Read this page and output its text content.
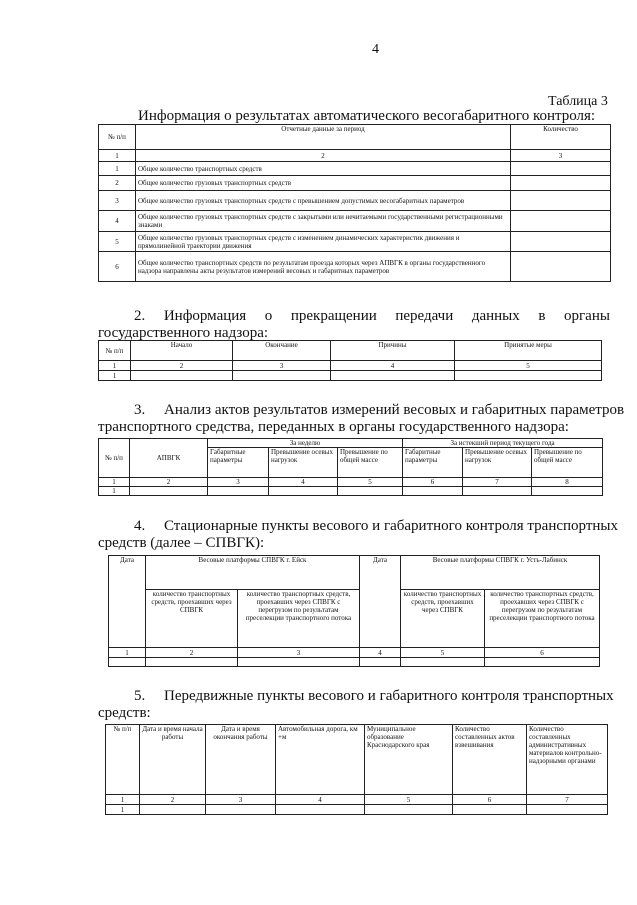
4
Таблица 3
Информация о результатах автоматического весогабаритного контроля:
№ п/п	Отчетные данные за период	Количество
1	2	3
1	Общее количество транспортных средств	
2	Общее количество грузовых транспортных средств	
3	Общее количество грузовых транспортных средств с превышением допустимых весогабаритных параметров	
4	Общее количество грузовых транспортных средств с закрытыми или нечитаемыми государственными регистрационными знаками	
5	Общее количество грузовых транспортных средств с изменением динамических характеристик движения и прямолинейной траектории движения	
6	Общее количество транспортных средств по результатам проезда которых через АПВГК в органы государственного надзора направлены акты результатов измерений весовых и габаритных параметров	
2. Информация о прекращении передачи данных в органы
государственного надзора:
№ п/п	Начало	Окончание	Причины	Принятые меры
1	2	3	4	5
1				
3. Анализ актов результатов измерений весовых и габаритных параметров
транспортного средства, переданных в органы государственного надзора:
№ п/п	АПВГК	За неделю			За истекший период текущего года		
		Габаритные параметры	Превышение осевых нагрузок	Превышение по общей массе	Габаритные параметры	Превышение осевых нагрузок	Превышение по общей массе
1	2	3	4	5	6	7	8
1							
4. Стационарные пункты весового и габаритного контроля транспортных
средств (далее – СПВГК):
Дата	Весовые платформы СПВГК г. Ейск		Дата	Весовые платформы СПВГК г. Усть-Лабинск	
	количество транспортных средств, проехавших через СПВГК	количество транспортных средств, проехавших через СПВГК с перегрузом по результатам преселекции транспортного потока		количество транспортных средств, проехавших через СПВГК	количество транспортных средств, проехавших через СПВГК с перегрузом по результатам преселекции транспортного потока
1	2	3	4	5	6

5. Передвижные пункты весового и габаритного контроля транспортных
средств:
№ п/п	Дата и время начала работы	Дата и время окончания работы	Автомобильная дорога, км +м	Муниципальное образование Краснодарского края	Количество составленных актов взвешивания	Количество составленных административных материалов контрольно-надзорными органами
1	2	3	4	5	6	7
1						
